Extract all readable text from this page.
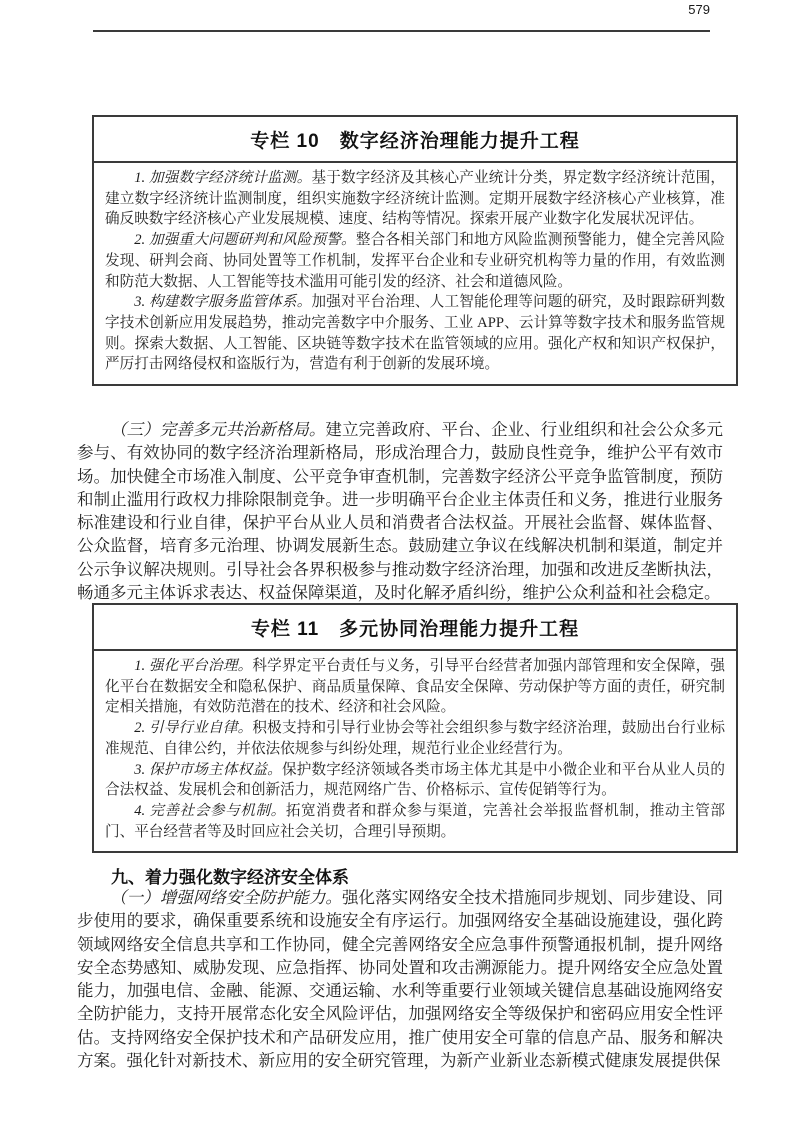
579
专栏 10　数字经济治理能力提升工程

1. 加强数字经济统计监测。基于数字经济及其核心产业统计分类，界定数字经济统计范围，建立数字经济统计监测制度，组织实施数字经济统计监测。定期开展数字经济核心产业核算，准确反映数字经济核心产业发展规模、速度、结构等情况。探索开展产业数字化发展状况评估。

2. 加强重大问题研判和风险预警。整合各相关部门和地方风险监测预警能力，健全完善风险发现、研判会商、协同处置等工作机制，发挥平台企业和专业研究机构等力量的作用，有效监测和防范大数据、人工智能等技术滥用可能引发的经济、社会和道德风险。

3. 构建数字服务监管体系。加强对平台治理、人工智能伦理等问题的研究，及时跟踪研判数字技术创新应用发展趋势，推动完善数字中介服务、工业 APP、云计算等数字技术和服务监管规则。探索大数据、人工智能、区块链等数字技术在监管领域的应用。强化产权和知识产权保护，严厉打击网络侵权和盗版行为，营造有利于创新的发展环境。

（三）完善多元共治新格局。建立完善政府、平台、企业、行业组织和社会公众多元参与、有效协同的数字经济治理新格局，形成治理合力，鼓励良性竞争，维护公平有效市场。加快健全市场准入制度、公平竞争审查机制，完善数字经济公平竞争监管制度，预防和制止滥用行政权力排除限制竞争。进一步明确平台企业主体责任和义务，推进行业服务标准建设和行业自律，保护平台从业人员和消费者合法权益。开展社会监督、媒体监督、公众监督，培育多元治理、协调发展新生态。鼓励建立争议在线解决机制和渠道，制定并公示争议解决规则。引导社会各界积极参与推动数字经济治理，加强和改进反垄断执法，畅通多元主体诉求表达、权益保障渠道，及时化解矛盾纠纷，维护公众利益和社会稳定。

专栏 11　多元协同治理能力提升工程

1. 强化平台治理。科学界定平台责任与义务，引导平台经营者加强内部管理和安全保障，强化平台在数据安全和隐私保护、商品质量保障、食品安全保障、劳动保护等方面的责任，研究制定相关措施，有效防范潜在的技术、经济和社会风险。

2. 引导行业自律。积极支持和引导行业协会等社会组织参与数字经济治理，鼓励出台行业标准规范、自律公约，并依法依规参与纠纷处理，规范行业企业经营行为。

3. 保护市场主体权益。保护数字经济领域各类市场主体尤其是中小微企业和平台从业人员的合法权益、发展机会和创新活力，规范网络广告、价格标示、宣传促销等行为。

4. 完善社会参与机制。拓宽消费者和群众参与渠道，完善社会举报监督机制，推动主管部门、平台经营者等及时回应社会关切，合理引导预期。

九、着力强化数字经济安全体系

（一）增强网络安全防护能力。强化落实网络安全技术措施同步规划、同步建设、同步使用的要求，确保重要系统和设施安全有序运行。加强网络安全基础设施建设，强化跨领域网络安全信息共享和工作协同，健全完善网络安全应急事件预警通报机制，提升网络安全态势感知、威胁发现、应急指挥、协同处置和攻击溯源能力。提升网络安全应急处置能力，加强电信、金融、能源、交通运输、水利等重要行业领域关键信息基础设施网络安全防护能力，支持开展常态化安全风险评估，加强网络安全等级保护和密码应用安全性评估。支持网络安全保护技术和产品研发应用，推广使用安全可靠的信息产品、服务和解决方案。强化针对新技术、新应用的安全研究管理，为新产业新业态新模式健康发展提供保
